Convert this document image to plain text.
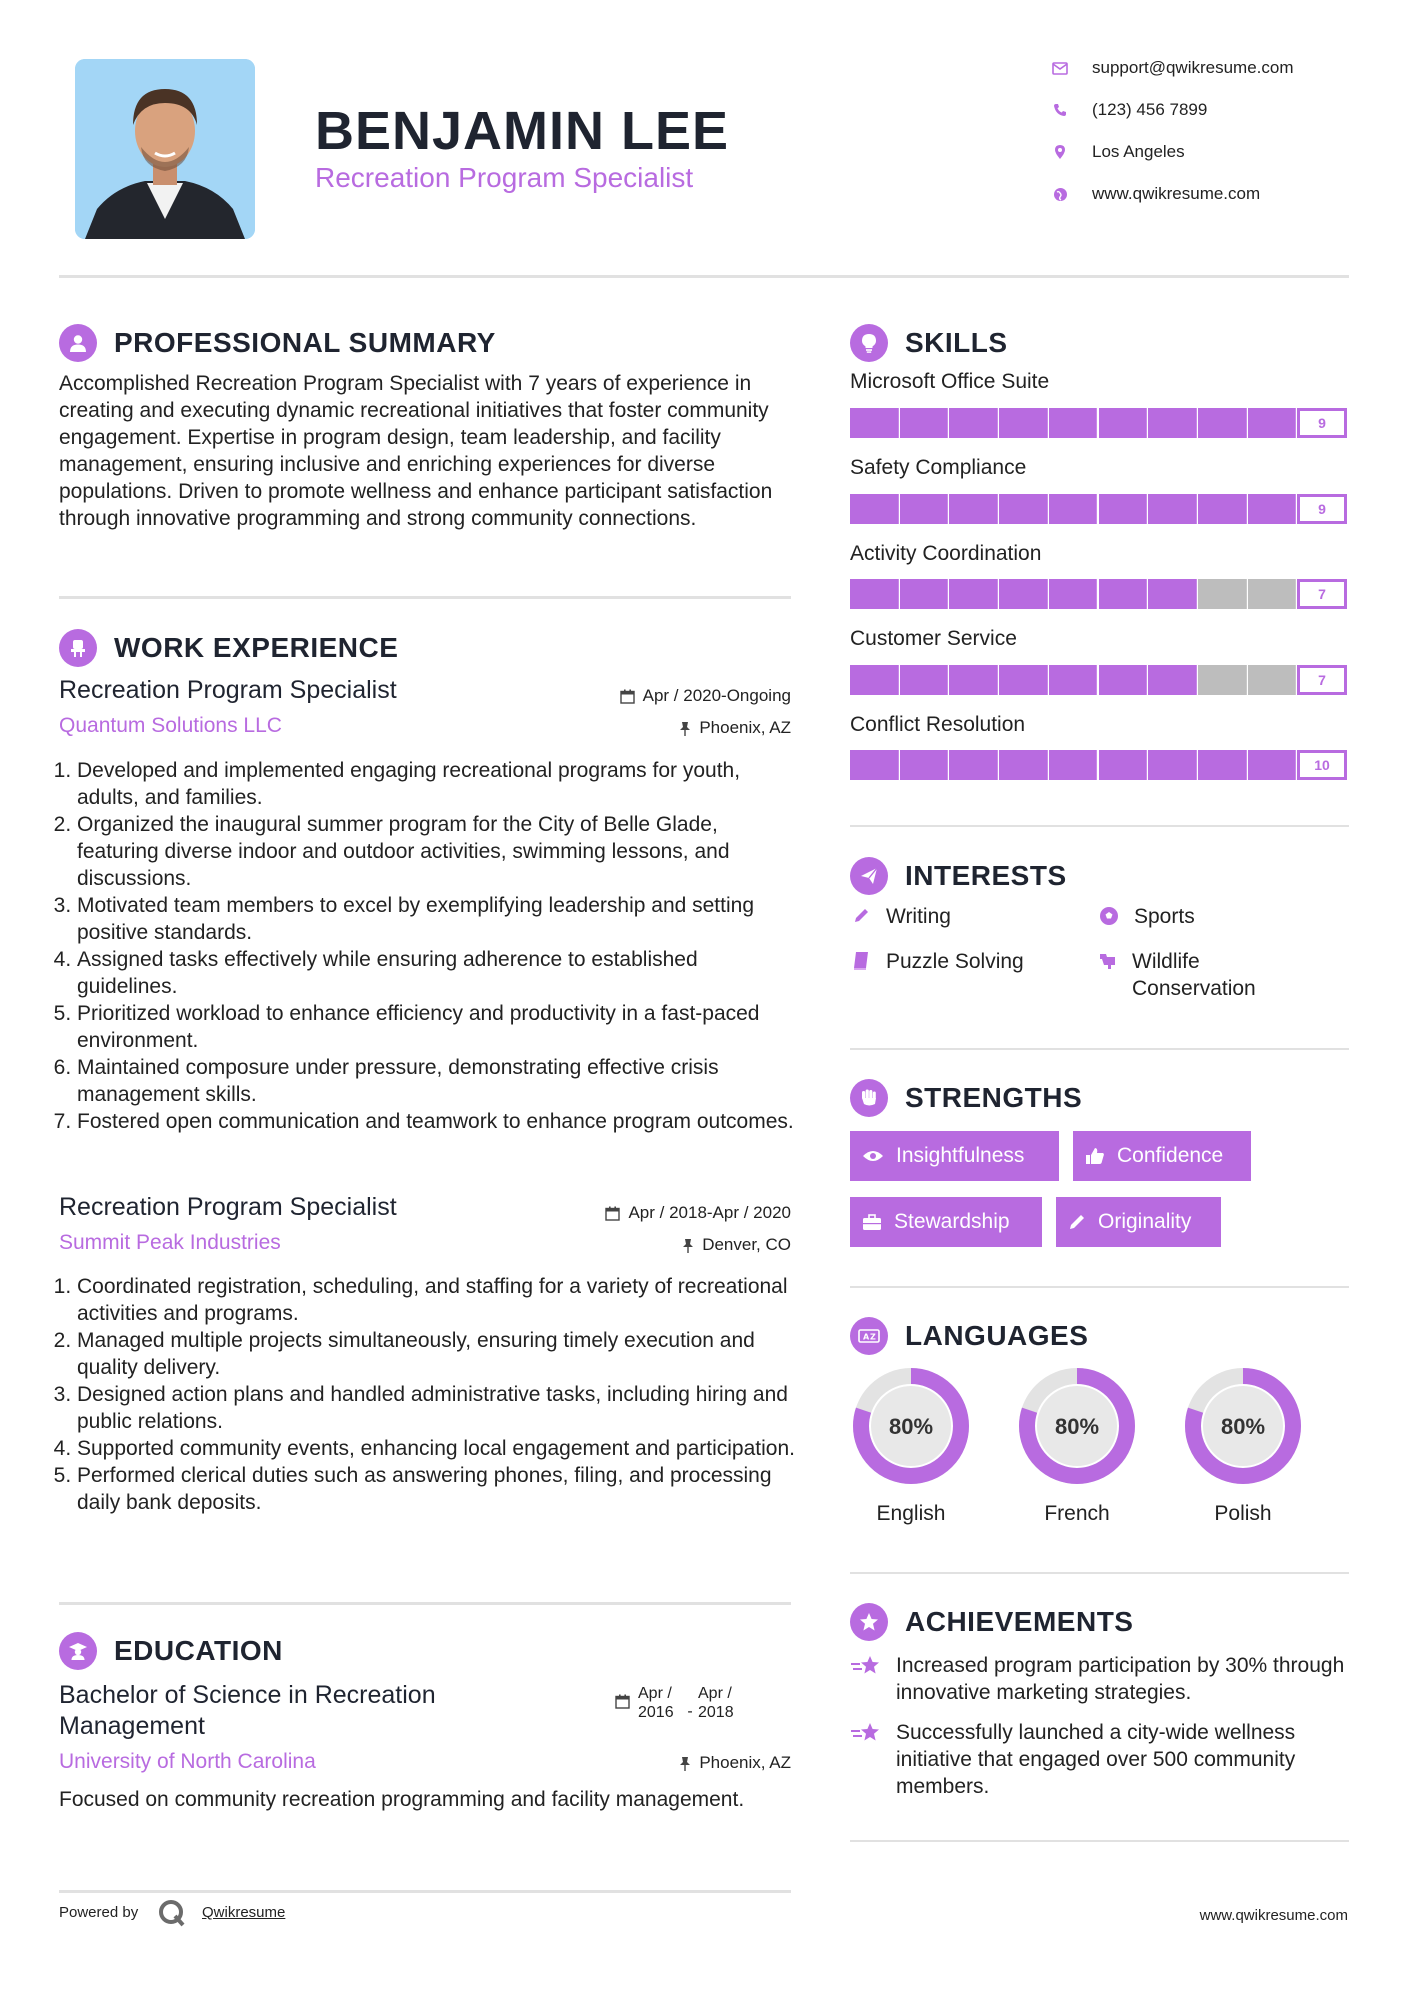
BENJAMIN LEE
Recreation Program Specialist
support@qwikresume.com
(123) 456 7899
Los Angeles
www.qwikresume.com
PROFESSIONAL SUMMARY
Accomplished Recreation Program Specialist with 7 years of experience in creating and executing dynamic recreational initiatives that foster community engagement. Expertise in program design, team leadership, and facility management, ensuring inclusive and enriching experiences for diverse populations. Driven to promote wellness and enhance participant satisfaction through innovative programming and strong community connections.
WORK EXPERIENCE
Recreation Program Specialist	Apr / 2020-Ongoing
Quantum Solutions LLC	Phoenix, AZ
1. Developed and implemented engaging recreational programs for youth, adults, and families.
2. Organized the inaugural summer program for the City of Belle Glade, featuring diverse indoor and outdoor activities, swimming lessons, and discussions.
3. Motivated team members to excel by exemplifying leadership and setting positive standards.
4. Assigned tasks effectively while ensuring adherence to established guidelines.
5. Prioritized workload to enhance efficiency and productivity in a fast-paced environment.
6. Maintained composure under pressure, demonstrating effective crisis management skills.
7. Fostered open communication and teamwork to enhance program outcomes.
Recreation Program Specialist	Apr / 2018-Apr / 2020
Summit Peak Industries	Denver, CO
1. Coordinated registration, scheduling, and staffing for a variety of recreational activities and programs.
2. Managed multiple projects simultaneously, ensuring timely execution and quality delivery.
3. Designed action plans and handled administrative tasks, including hiring and public relations.
4. Supported community events, enhancing local engagement and participation.
5. Performed clerical duties such as answering phones, filing, and processing daily bank deposits.
EDUCATION
Bachelor of Science in Recreation Management
Apr / 2016 -
Apr / 2018
University of North Carolina	Phoenix, AZ
Focused on community recreation programming and facility management.
SKILLS
Microsoft Office Suite
9
Safety Compliance
9
Activity Coordination
7
Customer Service
7
Conflict Resolution
10
INTERESTS
Writing	Sports
Puzzle Solving	Wildlife Conservation
STRENGTHS
Insightfulness	Confidence
Stewardship	Originality
A Z LANGUAGES
80%
English
80%
French
80%
Polish
ACHIEVEMENTS
Increased program participation by 30% through innovative marketing strategies.
Successfully launched a city-wide wellness initiative that engaged over 500 community members.
Powered by	Qwikresume	www.qwikresume.com
